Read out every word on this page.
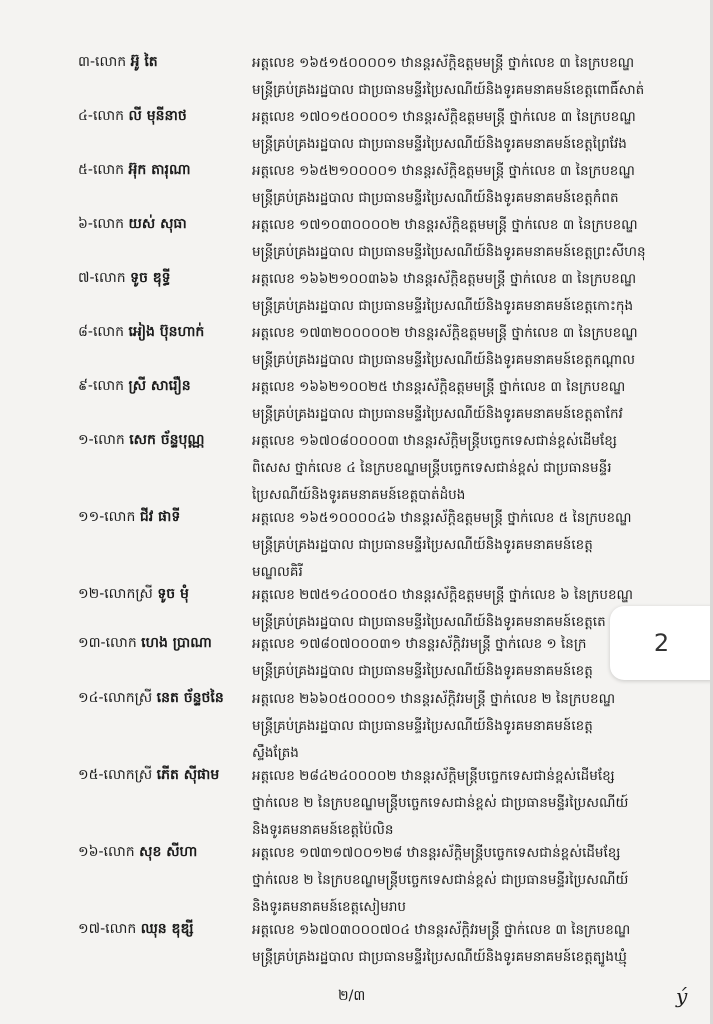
៣-លោក អ៊ូ តៃ	អត្តលេខ ១៦៥១៥០០០០១ ឋានន្តរស័ក្តិឧត្តមមន្ត្រី ថ្នាក់លេខ ៣ នៃក្របខណ្ឌ
មន្ត្រីគ្រប់គ្រងរដ្ឋបាល ជាប្រធានមន្ទីរប្រៃសណីយ៍និងទូរគមនាគមន៍ខេត្តពោធិ៍សាត់
៤-លោក លី មុនីនាថ	អត្តលេខ ១៧០១៥០០០០១ ឋានន្តរស័ក្តិឧត្តមមន្ត្រី ថ្នាក់លេខ ៣ នៃក្របខណ្ឌ
មន្ត្រីគ្រប់គ្រងរដ្ឋបាល ជាប្រធានមន្ទីរប្រៃសណីយ៍និងទូរគមនាគមន៍ខេត្តព្រៃវែង
៥-លោក អ៊ុក តារុណា	អត្តលេខ ១៦៥២១០០០០១ ឋានន្តរស័ក្តិឧត្តមមន្ត្រី ថ្នាក់លេខ ៣ នៃក្របខណ្ឌ
មន្ត្រីគ្រប់គ្រងរដ្ឋបាល ជាប្រធានមន្ទីរប្រៃសណីយ៍និងទូរគមនាគមន៍ខេត្តកំពត
៦-លោក យស់ សុធា	អត្តលេខ ១៧១០៣០០០០២ ឋានន្តរស័ក្តិឧត្តមមន្ត្រី ថ្នាក់លេខ ៣ នៃក្របខណ្ឌ
មន្ត្រីគ្រប់គ្រងរដ្ឋបាល ជាប្រធានមន្ទីរប្រៃសណីយ៍និងទូរគមនាគមន៍ខេត្តព្រះសីហនុ
៧-លោក ទូច ឌុទ្ធី	អត្តលេខ ១៦៦២១០០៣៦៦ ឋានន្តរស័ក្តិឧត្តមមន្ត្រី ថ្នាក់លេខ ៣ នៃក្របខណ្ឌ
មន្ត្រីគ្រប់គ្រងរដ្ឋបាល ជាប្រធានមន្ទីរប្រៃសណីយ៍និងទូរគមនាគមន៍ខេត្តកោះកុង
៨-លោក អៀង ប៊ុនហាក់	អត្តលេខ ១៧៣២០០០០០២ ឋានន្តរស័ក្តិឧត្តមមន្ត្រី ថ្នាក់លេខ ៣ នៃក្របខណ្ឌ
មន្ត្រីគ្រប់គ្រងរដ្ឋបាល ជាប្រធានមន្ទីរប្រៃសណីយ៍និងទូរគមនាគមន៍ខេត្តកណ្ដាល
៩-លោក ស្រី សារឿន	អត្តលេខ ១៦៦២១០០២៥ ឋានន្តរស័ក្តិឧត្តមមន្ត្រី ថ្នាក់លេខ ៣ នៃក្របខណ្ឌ
មន្ត្រីគ្រប់គ្រងរដ្ឋបាល ជាប្រធានមន្ទីរប្រៃសណីយ៍និងទូរគមនាគមន៍ខេត្តតាកែវ
១-លោក សេក ច័ន្ទបុណ្ណ	អត្តលេខ ១៦៧០៨០០០០៣ ឋានន្តរស័ក្តិមន្ត្រីបច្ចេកទេសជាន់ខ្ពស់ដើមខ្សែ
ពិសេស ថ្នាក់លេខ ៤ នៃក្របខណ្ឌមន្ត្រីបច្ចេកទេសជាន់ខ្ពស់ ជាប្រធានមន្ទីរ
ប្រៃសណីយ៍និងទូរគមនាគមន៍ខេត្តបាត់ដំបង
១១-លោក ជីវ ផាទី	អត្តលេខ ១៦៥១០០០០៤៦ ឋានន្តរស័ក្តិឧត្តមមន្ត្រី ថ្នាក់លេខ ៥ នៃក្របខណ្ឌ
មន្ត្រីគ្រប់គ្រងរដ្ឋបាល ជាប្រធានមន្ទីរប្រៃសណីយ៍និងទូរគមនាគមន៍ខេត្ត
មណ្ឌលគិរី
១២-លោកស្រី ទូច មុំ	អត្តលេខ ២៧៥១៤០០០៥០ ឋានន្តរស័ក្តិឧត្តមមន្ត្រី ថ្នាក់លេខ ៦ នៃក្របខណ្ឌ
មន្ត្រីគ្រប់គ្រងរដ្ឋបាល ជាប្រធានមន្ទីរប្រៃសណីយ៍និងទូរគមនាគមន៍ខេត្តតេ
១៣-លោក ហេង ប្រាណា	អត្តលេខ ១៧៨០៧០០០៣១ ឋានន្តរស័ក្តិវរមន្ត្រី ថ្នាក់លេខ ១ នៃក្រ
មន្ត្រីគ្រប់គ្រងរដ្ឋបាល ជាប្រធានមន្ទីរប្រៃសណីយ៍និងទូរគមនាគមន៍ខេត្ត
១៤-លោកស្រី នេត ច័ន្ទថនៃ	អត្តលេខ ២៦៦០៥០០០០១ ឋានន្តរស័ក្តិវរមន្ត្រី ថ្នាក់លេខ ២ នៃក្របខណ្ឌ
មន្ត្រីគ្រប់គ្រងរដ្ឋបាល ជាប្រធានមន្ទីរប្រៃសណីយ៍និងទូរគមនាគមន៍ខេត្ត
ស្ទឹងត្រែង
១៥-លោកស្រី ភើត ស៊ីផាម	អត្តលេខ ២៨៤២៤០០០០២ ឋានន្តរស័ក្តិមន្ត្រីបច្ចេកទេសជាន់ខ្ពស់ដើមខ្សែ
ថ្នាក់លេខ ២ នៃក្របខណ្ឌមន្ត្រីបច្ចេកទេសជាន់ខ្ពស់ ជាប្រធានមន្ទីរប្រៃសណីយ៍
និងទូរគមនាគមន៍ខេត្តប៉ៃលិន
១៦-លោក សុខ សីហា	អត្តលេខ ១៧៣១៧០០១២៨ ឋានន្តរស័ក្តិមន្ត្រីបច្ចេកទេសជាន់ខ្ពស់ដើមខ្សែ
ថ្នាក់លេខ ២ នៃក្របខណ្ឌមន្ត្រីបច្ចេកទេសជាន់ខ្ពស់ ជាប្រធានមន្ទីរប្រៃសណីយ៍
និងទូរគមនាគមន៍ខេត្តសៀមរាប
១៧-លោក ឈុន ឌុឌ្សី	អត្តលេខ ១៦៧០៣០០០៧០៤ ឋានន្តរស័ក្តិវរមន្ត្រី ថ្នាក់លេខ ៣ នៃក្របខណ្ឌ
មន្ត្រីគ្រប់គ្រងរដ្ឋបាល ជាប្រធានមន្ទីរប្រៃសណីយ៍និងទូរគមនាគមន៍ខេត្តត្បូងឃ្មុំ
២/៣	ý
2
